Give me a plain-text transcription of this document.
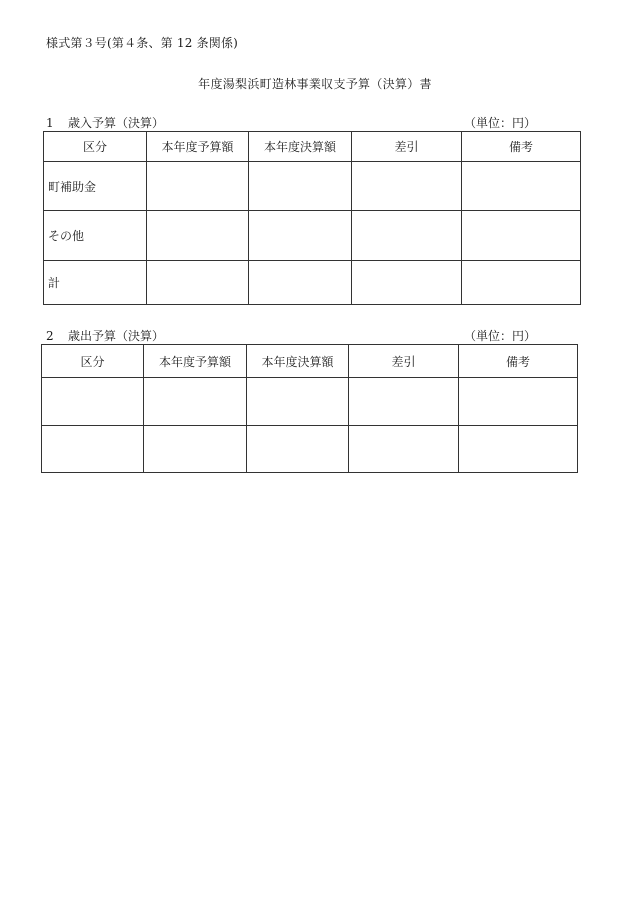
様式第３号(第４条、第 12 条関係)
年度湯梨浜町造林事業収支予算（決算）書
1 歳入予算（決算）	（単位：円）
区分	本年度予算額	本年度決算額	差引	備考
町補助金				
その他				
計				
2 歳出予算（決算）	（単位：円）
区分	本年度予算額	本年度決算額	差引	備考
